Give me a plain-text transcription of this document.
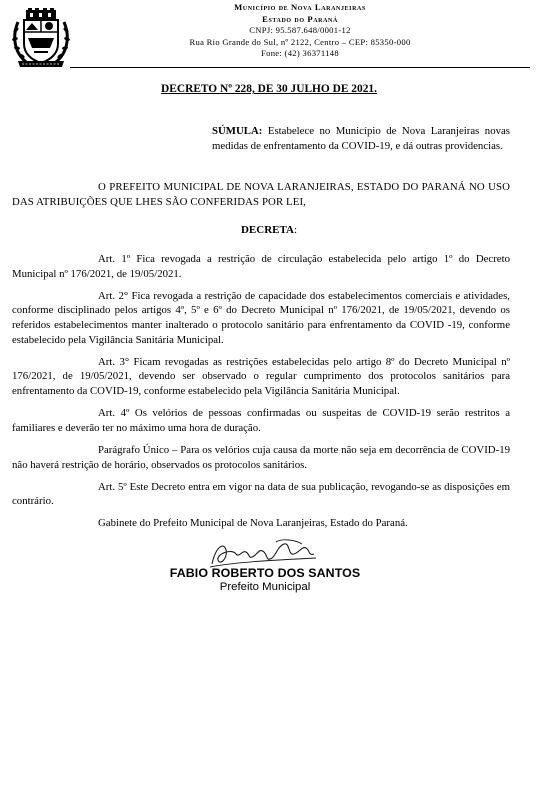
Município de Nova Laranjeiras
Estado do Paraná
CNPJ: 95.587.648/0001-12
Rua Rio Grande do Sul, nº 2122, Centro – CEP: 85350-000
Fone: (42) 36371148
DECRETO Nº 228, DE 30 JULHO DE 2021.
SÚMULA: Estabelece no Município de Nova Laranjeiras novas medidas de enfrentamento da COVID-19, e dá outras providencias.
O PREFEITO MUNICIPAL DE NOVA LARANJEIRAS, ESTADO DO PARANÁ NO USO DAS ATRIBUIÇÕES QUE LHES SÃO CONFERIDAS POR LEI,
DECRETA:

Art. 1º Fica revogada a restrição de circulação estabelecida pelo artigo 1º do Decreto Municipal nº 176/2021, de 19/05/2021.

Art. 2° Fica revogada a restrição de capacidade dos estabelecimentos comerciais e atividades, conforme disciplinado pelos artigos 4º, 5º e 6º do Decreto Municipal nº 176/2021, de 19/05/2021, devendo os referidos estabelecimentos manter inalterado o protocolo sanitário para enfrentamento da COVID -19, conforme estabelecido pela Vigilância Sanitária Municipal.

Art. 3° Ficam revogadas as restrições estabelecidas pelo artigo 8º do Decreto Municipal nº 176/2021, de 19/05/2021, devendo ser observado o regular cumprimento dos protocolos sanitários para enfrentamento da COVID-19, conforme estabelecido pela Vigilância Sanitária Municipal.

Art. 4º Os velórios de pessoas confirmadas ou suspeitas de COVID-19 serão restritos a familiares e deverão ter no máximo uma hora de duração.

Parágrafo Único – Para os velórios cuja causa da morte não seja em decorrência de COVID-19 não haverá restrição de horário, observados os protocolos sanitários.

Art. 5º Este Decreto entra em vigor na data de sua publicação, revogando-se as disposições em contrário.

Gabinete do Prefeito Municipal de Nova Laranjeiras, Estado do Paraná.

FABIO ROBERTO DOS SANTOS
Prefeito Municipal
